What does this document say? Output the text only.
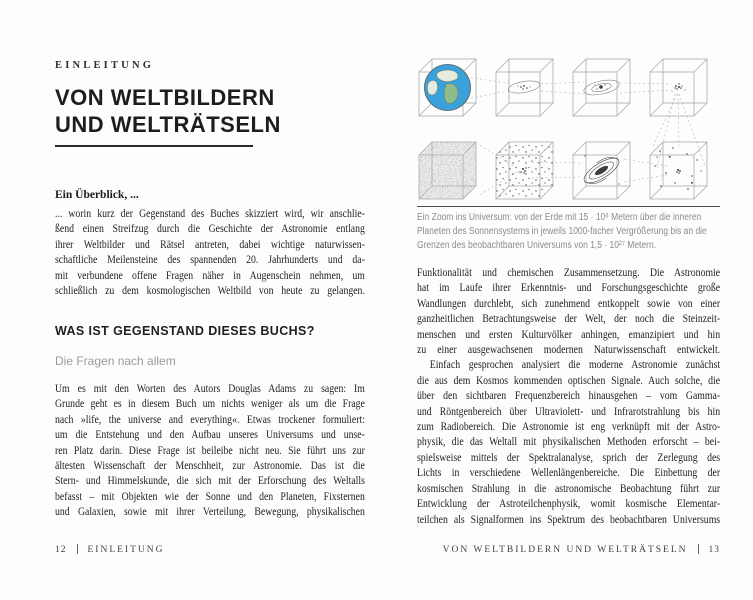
EINLEITUNG
VON WELTBILDERN
UND WELTRÄTSELN
Ein Überblick, ...
... worin kurz der Gegenstand des Buches skizziert wird, wir anschlie-
ßend einen Streifzug durch die Geschichte der Astronomie entlang
ihrer Weltbilder und Rätsel antreten, dabei wichtige naturwissen-
schaftliche Meilensteine des spannenden 20. Jahrhunderts und da-
mit verbundene offene Fragen näher in Augenschein nehmen, um
schließlich zu dem kosmologischen Weltbild von heute zu gelangen.
WAS IST GEGENSTAND DIESES BUCHS?
Die Fragen nach allem
Um es mit den Worten des Autors Douglas Adams zu sagen: Im
Grunde geht es in diesem Buch um nichts weniger als um die Frage
nach »life, the universe and everything«. Etwas trockener formuliert:
um die Entstehung und den Aufbau unseres Universums und unse-
ren Platz darin. Diese Frage ist beileibe nicht neu. Sie führt uns zur
ältesten Wissenschaft der Menschheit, zur Astronomie. Das ist die
Stern- und Himmelskunde, die sich mit der Erforschung des Weltalls
befasst – mit Objekten wie der Sonne und den Planeten, Fixsternen
und Galaxien, sowie mit ihrer Verteilung, Bewegung, physikalischen
12 EINLEITUNG
Ein Zoom ins Universum: von der Erde mit 15 · 10⁶ Metern über die inneren
Planeten des Sonnensystems in jeweils 1000-facher Vergrößerung bis an die
Grenzen des beobachtbaren Universums von 1,5 · 10²⁷ Metern.
Funktionalität und chemischen Zusammensetzung. Die Astronomie
hat im Laufe ihrer Erkenntnis- und Forschungsgeschichte große
Wandlungen durchlebt, sich zunehmend entkoppelt sowie von einer
ganzheitlichen Betrachtungsweise der Welt, der noch die Steinzeit-
menschen und ersten Kulturvölker anhingen, emanzipiert und hin
zu einer ausgewachsenen modernen Naturwissenschaft entwickelt.
Einfach gesprochen analysiert die moderne Astronomie zunächst
die aus dem Kosmos kommenden optischen Signale. Auch solche, die
über den sichtbaren Frequenzbereich hinausgehen – vom Gamma-
und Röntgenbereich über Ultraviolett- und Infrarotstrahlung bis hin
zum Radiobereich. Die Astronomie ist eng verknüpft mit der Astro-
physik, die das Weltall mit physikalischen Methoden erforscht – bei-
spielsweise mittels der Spektralanalyse, sprich der Zerlegung des
Lichts in verschiedene Wellenlängenbereiche. Die Einbettung der
kosmischen Strahlung in die astronomische Beobachtung führt zur
Entwicklung der Astroteilchenphysik, womit kosmische Elementar-
teilchen als Signalformen ins Spektrum des beobachtbaren Universums
VON WELTBILDERN UND WELTRÄTSELN 13
